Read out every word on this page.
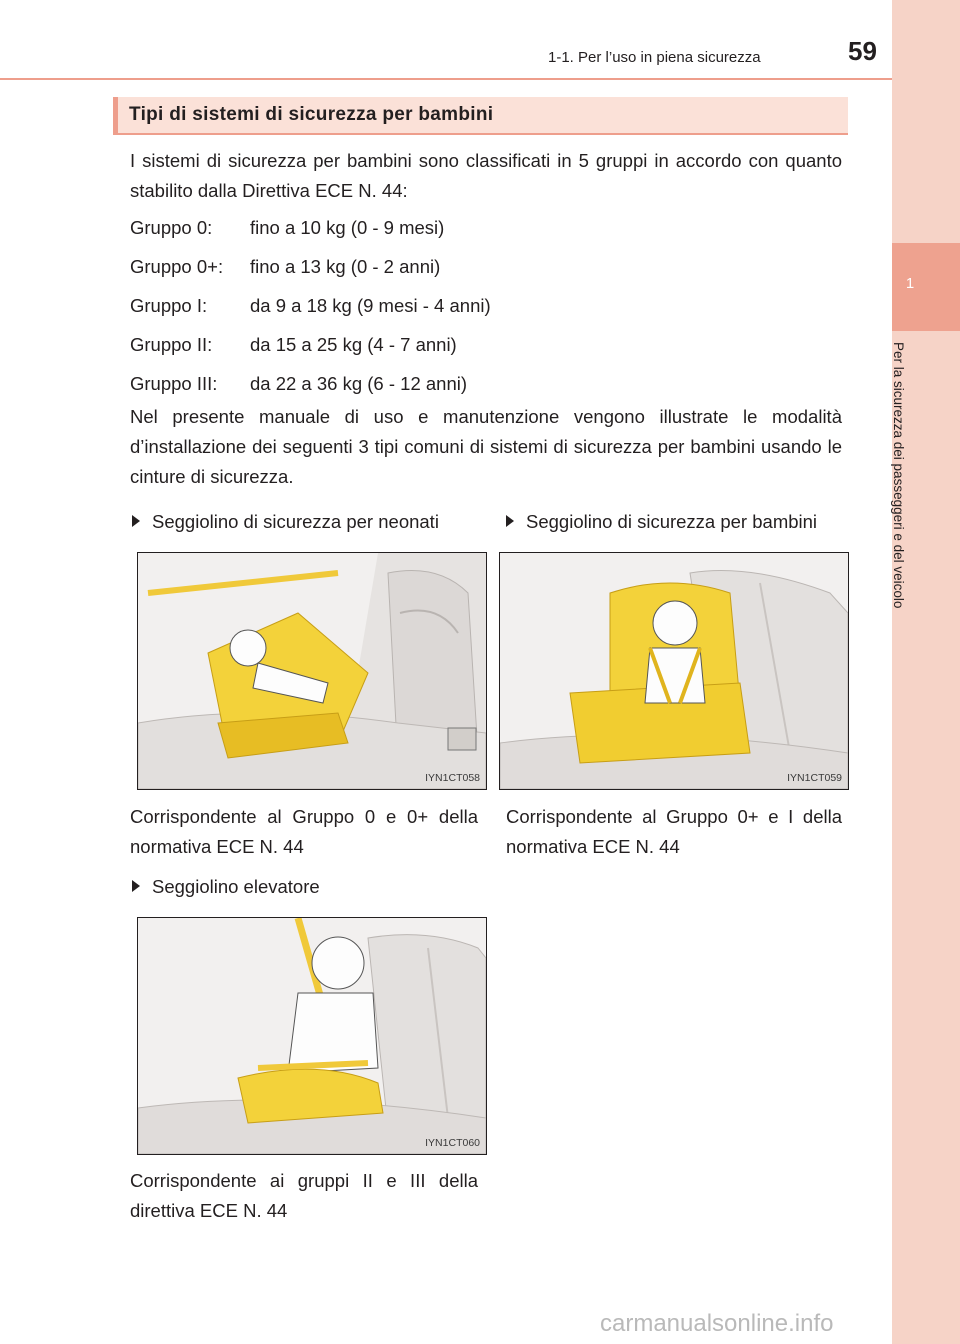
1
Per la sicurezza dei passeggeri e del veicolo
1-1. Per l’uso in piena sicurezza	59
Tipi di sistemi di sicurezza per bambini
I sistemi di sicurezza per bambini sono classificati in 5 gruppi in accordo con quanto stabilito dalla Direttiva ECE N. 44:
Gruppo 0: fino a 10 kg (0 - 9 mesi)
Gruppo 0+: fino a 13 kg (0 - 2 anni)
Gruppo I: da 9 a 18 kg (9 mesi - 4 anni)
Gruppo II: da 15 a 25 kg (4 - 7 anni)
Gruppo III: da 22 a 36 kg (6 - 12 anni)
Nel presente manuale di uso e manutenzione vengono illustrate le modalità d’installazione dei seguenti 3 tipi comuni di sistemi di sicurezza per bambini usando le cinture di sicurezza.
Seggiolino di sicurezza per neonati
IYN1CT058
Corrispondente al Gruppo 0 e 0+ della normativa ECE N. 44
Seggiolino di sicurezza per bambini
IYN1CT059
Corrispondente al Gruppo 0+ e I della normativa ECE N. 44
Seggiolino elevatore
IYN1CT060
Corrispondente ai gruppi II e III della direttiva ECE N. 44
carmanualsonline.info
